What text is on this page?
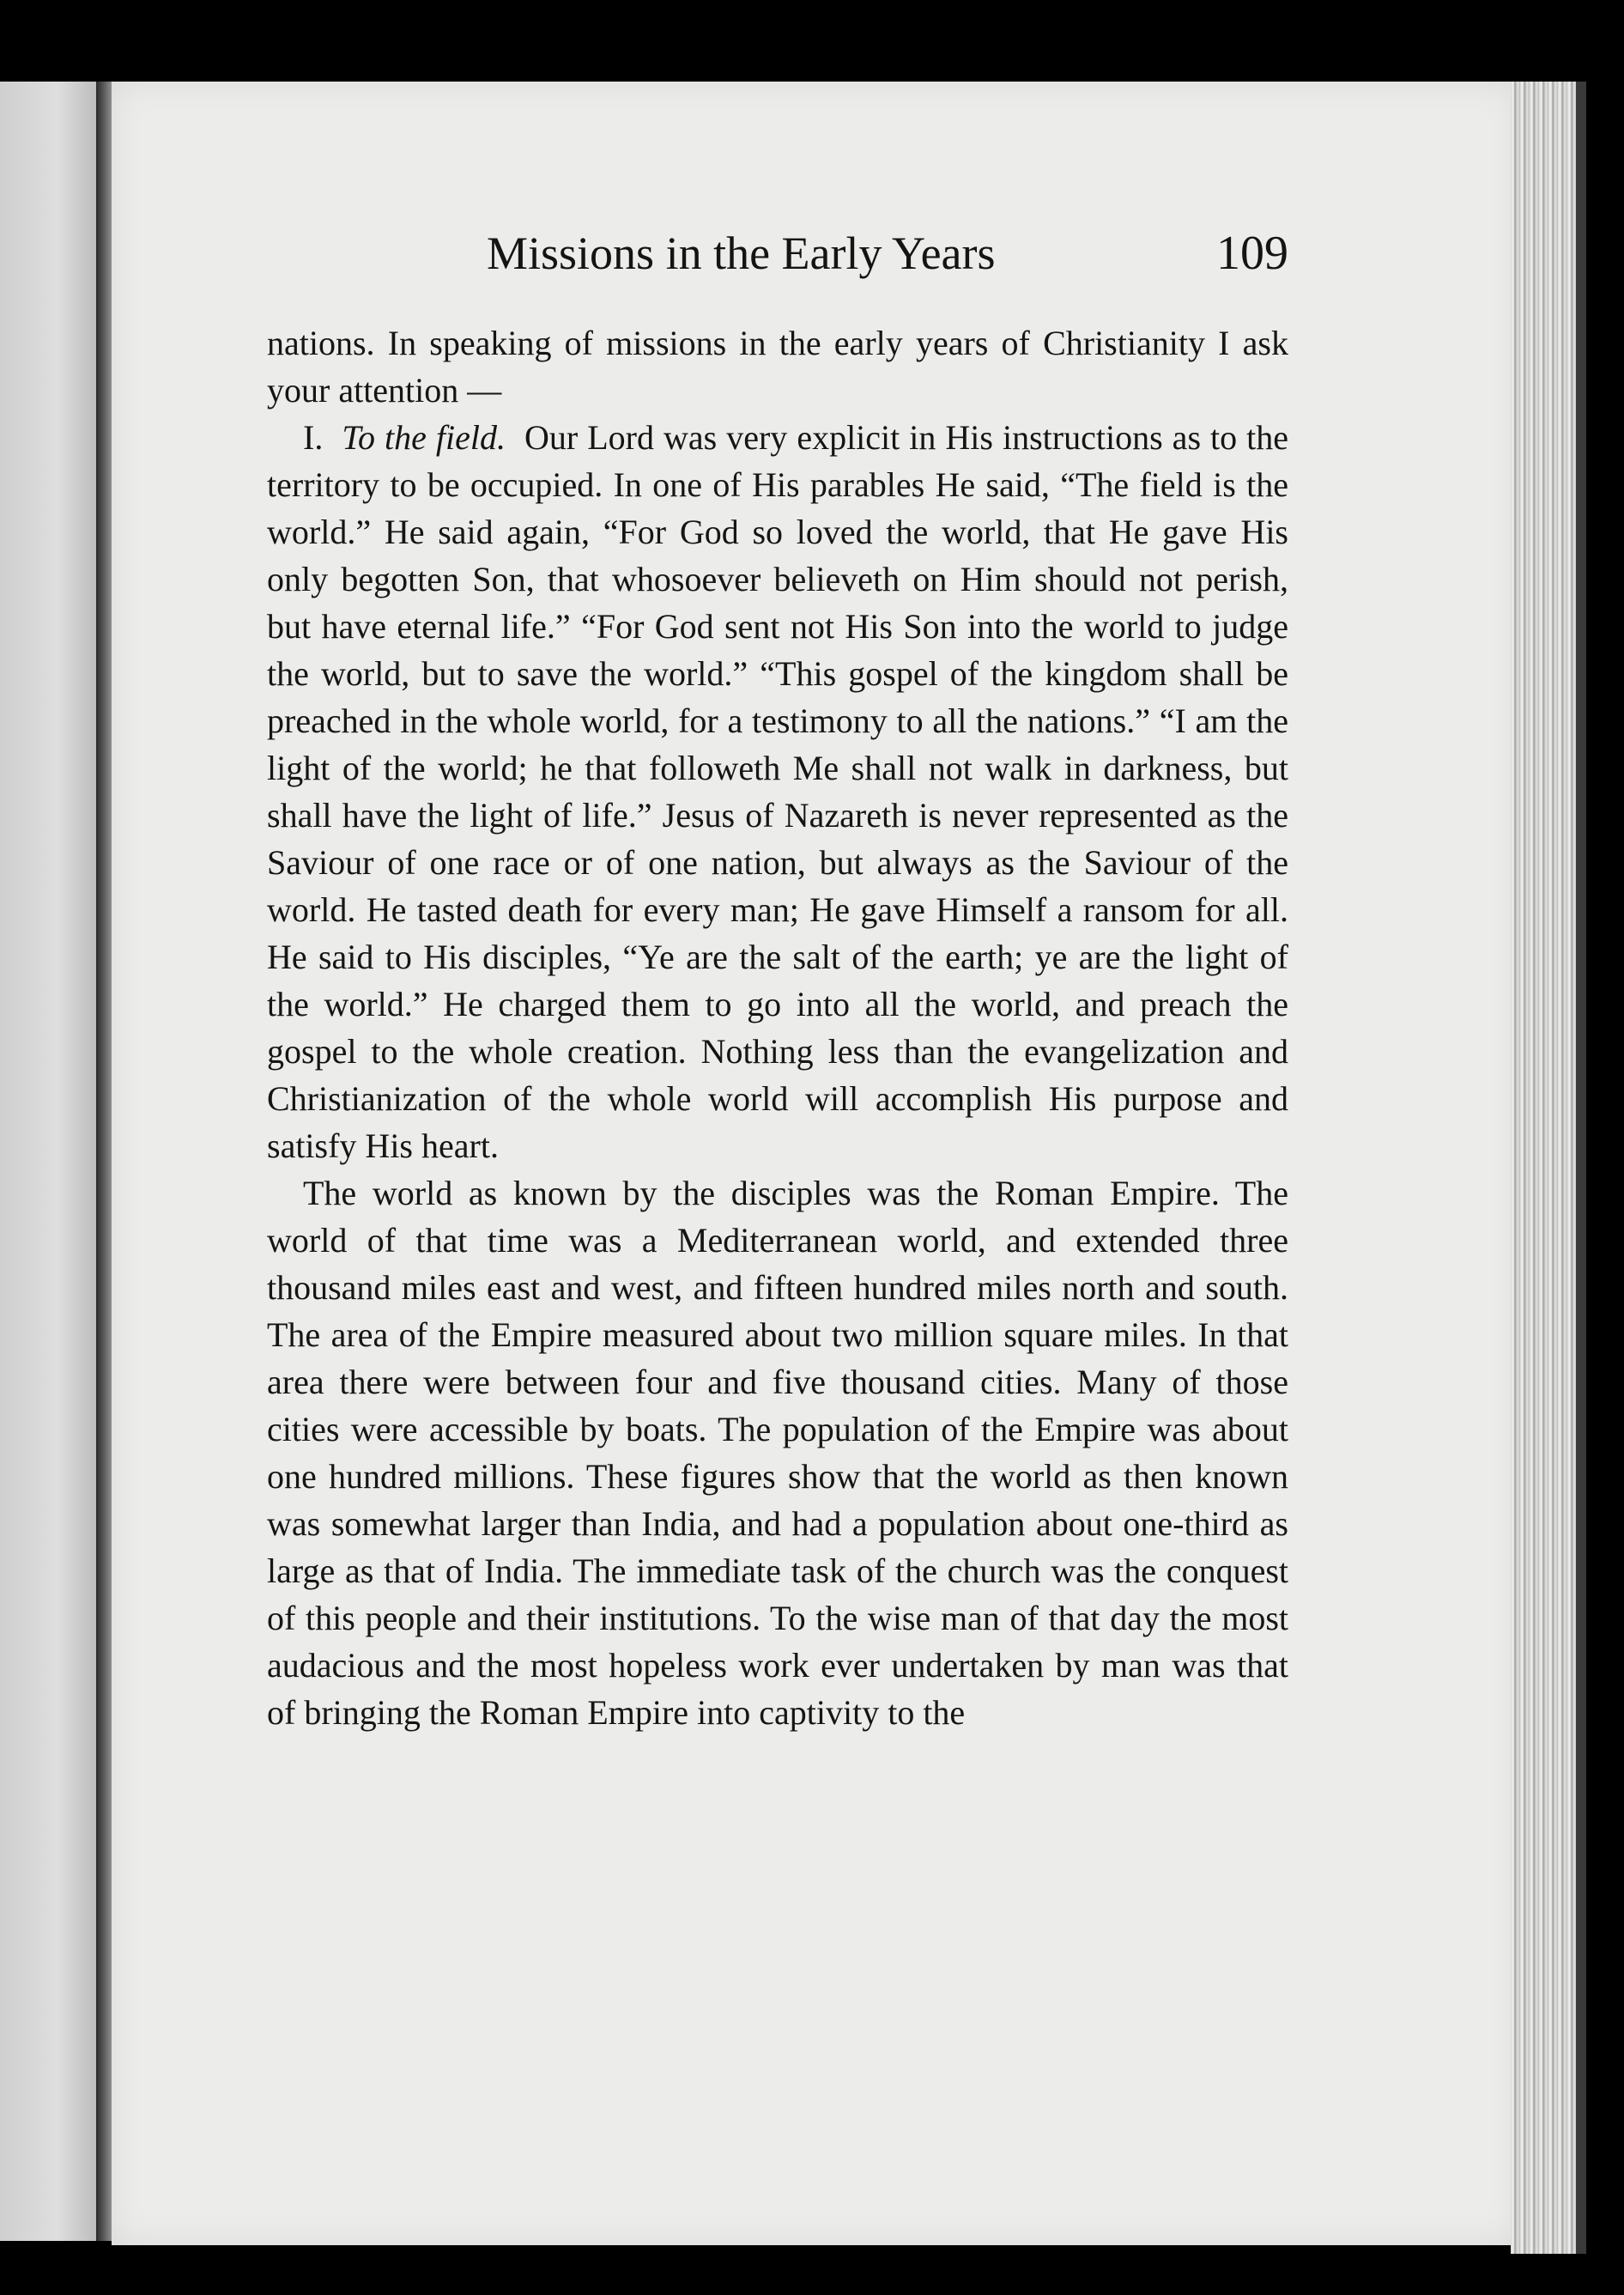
Missions in the Early Years	109

nations. In speaking of missions in the early years of Christianity I ask your attention —

I. To the field. Our Lord was very explicit in His instructions as to the territory to be occupied. In one of His parables He said, “The field is the world.” He said again, “For God so loved the world, that He gave His only begotten Son, that whosoever believeth on Him should not perish, but have eternal life.” “For God sent not His Son into the world to judge the world, but to save the world.” “This gospel of the kingdom shall be preached in the whole world, for a testimony to all the nations.” “I am the light of the world; he that followeth Me shall not walk in darkness, but shall have the light of life.” Jesus of Nazareth is never represented as the Saviour of one race or of one nation, but always as the Saviour of the world. He tasted death for every man; He gave Himself a ransom for all. He said to His disciples, “Ye are the salt of the earth; ye are the light of the world.” He charged them to go into all the world, and preach the gospel to the whole creation. Nothing less than the evangelization and Christianization of the whole world will accomplish His purpose and satisfy His heart.

The world as known by the disciples was the Roman Empire. The world of that time was a Mediterranean world, and extended three thousand miles east and west, and fifteen hundred miles north and south. The area of the Empire measured about two million square miles. In that area there were between four and five thousand cities. Many of those cities were accessible by boats. The population of the Empire was about one hundred millions. These figures show that the world as then known was somewhat larger than India, and had a population about one-third as large as that of India. The immediate task of the church was the conquest of this people and their institutions. To the wise man of that day the most audacious and the most hopeless work ever undertaken by man was that of bringing the Roman Empire into captivity to the
